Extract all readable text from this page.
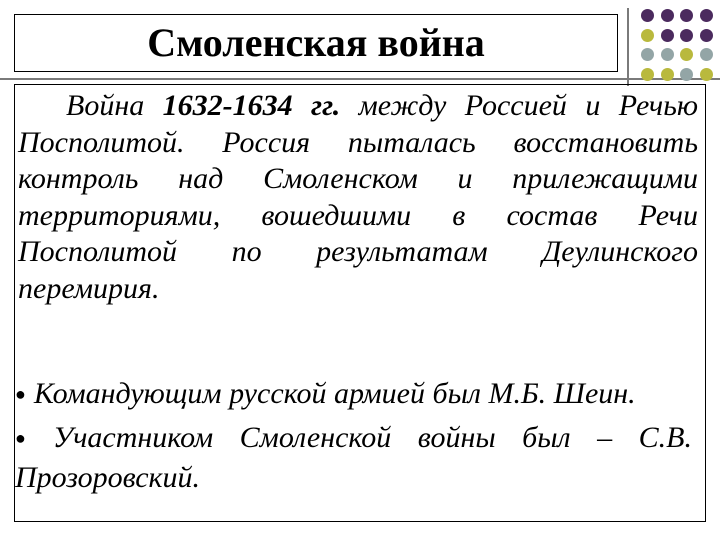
Смоленская война
Война 1632-1634 гг. между Россией и Речью
Посполитой. Россия пыталась восстановить
контроль над Смоленском и прилежащими
территориями, вошедшими в состав Речи
Посполитой по результатам Деулинского
перемирия.
● Командующим русской армией был М.Б. Шеин.
● Участником Смоленской войны был – С.В.
Прозоровский.
